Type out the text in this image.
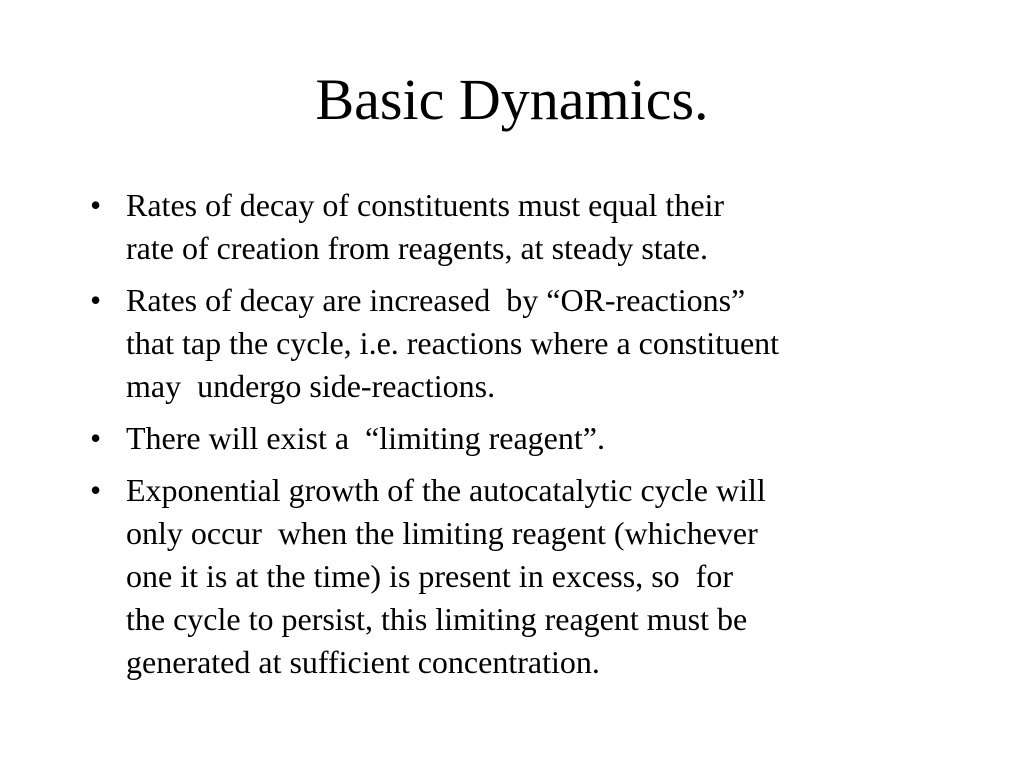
Basic Dynamics.
• Rates of decay of constituents must equal their
rate of creation from reagents, at steady state.
• Rates of decay are increased  by “OR-reactions”
that tap the cycle, i.e. reactions where a constituent
may  undergo side-reactions.
• There will exist a  “limiting reagent”.
• Exponential growth of the autocatalytic cycle will
only occur  when the limiting reagent (whichever
one it is at the time) is present in excess, so  for
the cycle to persist, this limiting reagent must be
generated at sufficient concentration.
